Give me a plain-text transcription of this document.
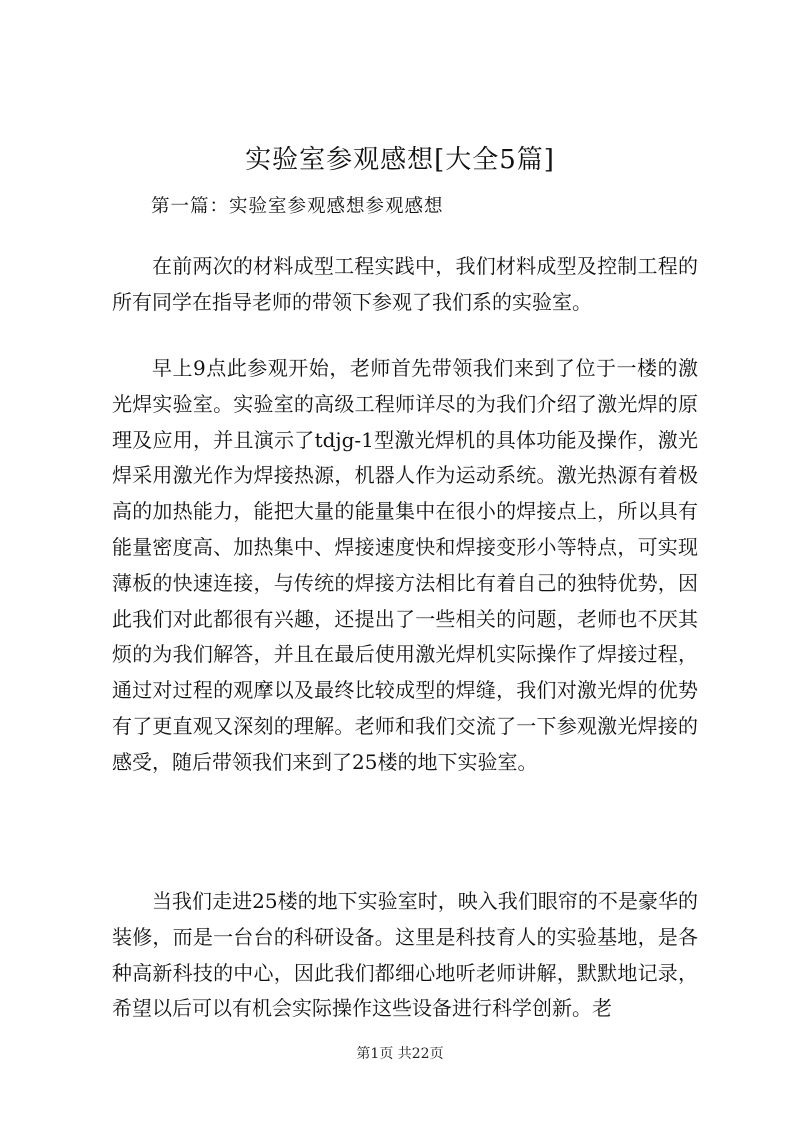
实验室参观感想[大全5篇]
第一篇：实验室参观感想参观感想

在前两次的材料成型工程实践中，我们材料成型及控制工程的所有同学在指导老师的带领下参观了我们系的实验室。

早上9点此参观开始，老师首先带领我们来到了位于一楼的激光焊实验室。实验室的高级工程师详尽的为我们介绍了激光焊的原理及应用，并且演示了tdjg-1型激光焊机的具体功能及操作，激光焊采用激光作为焊接热源，机器人作为运动系统。激光热源有着极高的加热能力，能把大量的能量集中在很小的焊接点上，所以具有能量密度高、加热集中、焊接速度快和焊接变形小等特点，可实现薄板的快速连接，与传统的焊接方法相比有着自己的独特优势，因此我们对此都很有兴趣，还提出了一些相关的问题，老师也不厌其烦的为我们解答，并且在最后使用激光焊机实际操作了焊接过程，通过对过程的观摩以及最终比较成型的焊缝，我们对激光焊的优势有了更直观又深刻的理解。老师和我们交流了一下参观激光焊接的感受，随后带领我们来到了25楼的地下实验室。

当我们走进25楼的地下实验室时，映入我们眼帘的不是豪华的装修，而是一台台的科研设备。这里是科技育人的实验基地，是各种高新科技的中心，因此我们都细心地听老师讲解，默默地记录，希望以后可以有机会实际操作这些设备进行科学创新。老

第1页 共22页
